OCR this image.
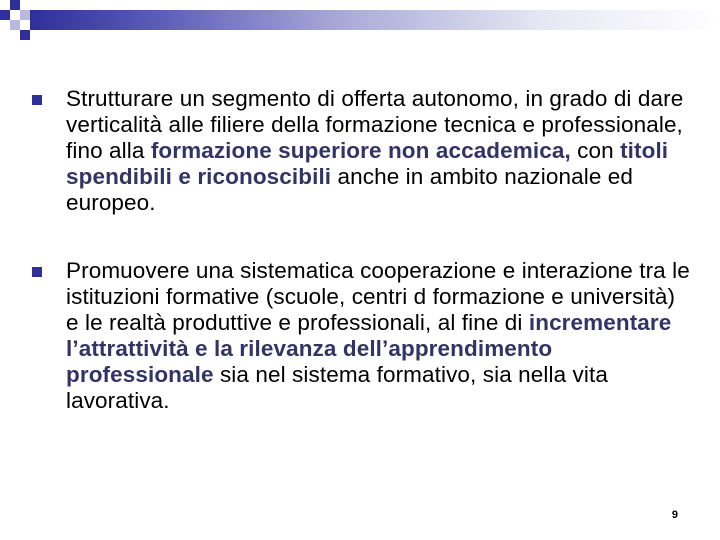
Strutturare un segmento di offerta autonomo, in grado di dare verticalità alle filiere della formazione tecnica e professionale, fino alla formazione superiore non accademica, con titoli spendibili e riconoscibili anche in ambito nazionale ed europeo.
Promuovere una sistematica cooperazione e interazione tra le istituzioni formative (scuole, centri d formazione e università) e le realtà produttive e professionali, al fine di incrementare l’attrattività e la rilevanza dell’apprendimento professionale sia nel sistema formativo, sia nella vita lavorativa.
9
